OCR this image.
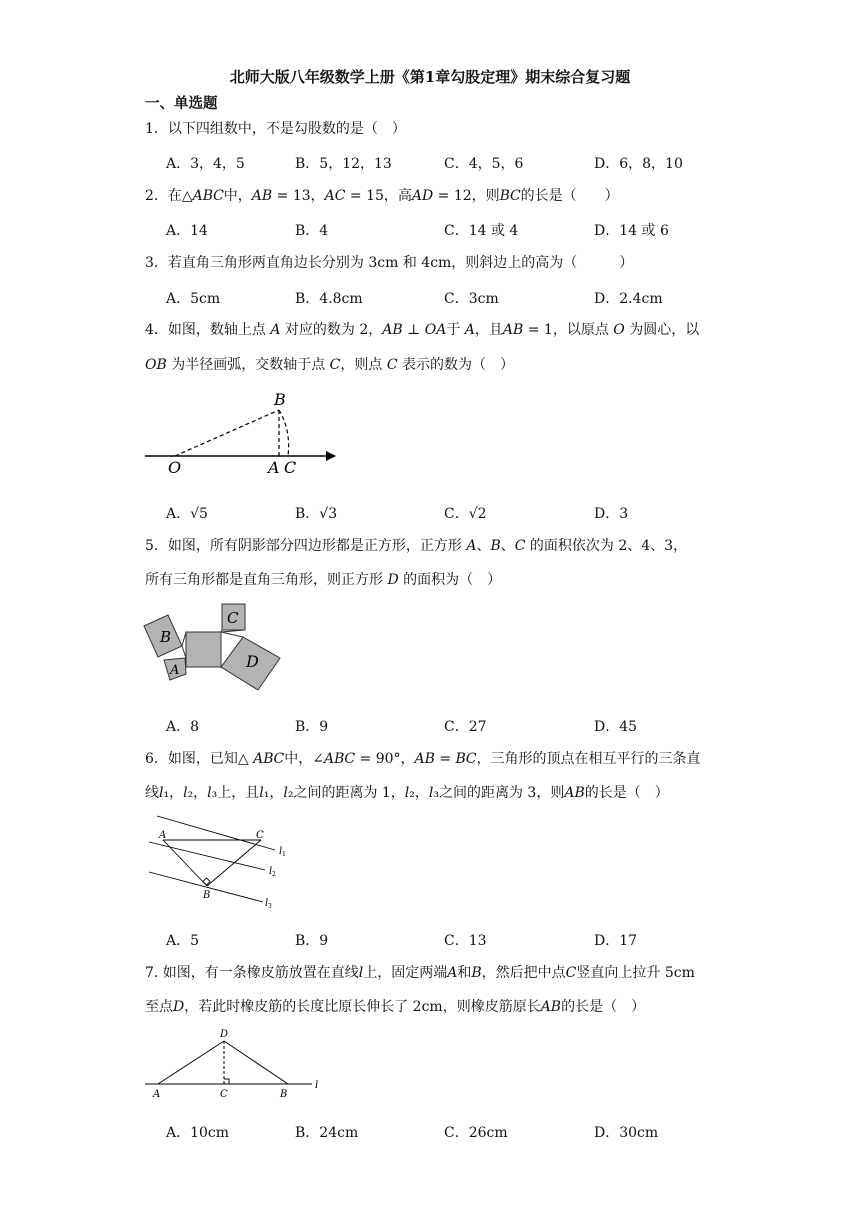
北师大版八年级数学上册《第1章勾股定理》期末综合复习题
一、单选题
1．以下四组数中，不是勾股数的是（　）
A．3，4，5	B．5，12，13	C．4，5，6	D．6，8，10
2．在△𝐴𝐵𝐶中，𝐴𝐵 = 13，𝐴𝐶 = 15，高𝐴𝐷 = 12，则𝐵𝐶的长是（　　）
A．14	B．4	C．14 或 4	D．14 或 6
3．若直角三角形两直角边长分别为 3cm 和 4cm，则斜边上的高为（　　　）
A．5cm	B．4.8cm	C．3cm	D．2.4cm
4．如图，数轴上点 𝐴 对应的数为 2，𝐴𝐵 ⊥ 𝑂𝐴于 𝐴，且𝐴𝐵 = 1，以原点 𝑂 为圆心，以
𝑂𝐵 为半径画弧，交数轴于点 𝐶，则点 𝐶 表示的数为（　）
B
O	A C
A．√5	B．√3	C．√2	D．3
5．如图，所有阴影部分四边形都是正方形，正方形 𝐴、𝐵、𝐶 的面积依次为 2、4、3，
所有三角形都是直角三角形，则正方形 𝐷 的面积为（　）
B
A
C
D
A．8	B．9	C．27	D．45
6．如图，已知△ 𝐴𝐵𝐶中，∠𝐴𝐵𝐶 = 90°，𝐴𝐵 = 𝐵𝐶，三角形的顶点在相互平行的三条直
线𝑙₁，𝑙₂，𝑙₃上，且𝑙₁，𝑙₂之间的距离为 1，𝑙₂，𝑙₃之间的距离为 3，则𝐴𝐵的长是（　）
A	C
B
l 1
l 2
l 3
A．5	B．9	C．13	D．17
7. 如图，有一条橡皮筋放置在直线𝑙上，固定两端𝐴和𝐵，然后把中点𝐶竖直向上拉升 5cm
至点𝐷，若此时橡皮筋的长度比原长伸长了 2cm，则橡皮筋原长𝐴𝐵的长是（　）
D
A	C	B
l
A．10cm	B．24cm	C．26cm	D．30cm
